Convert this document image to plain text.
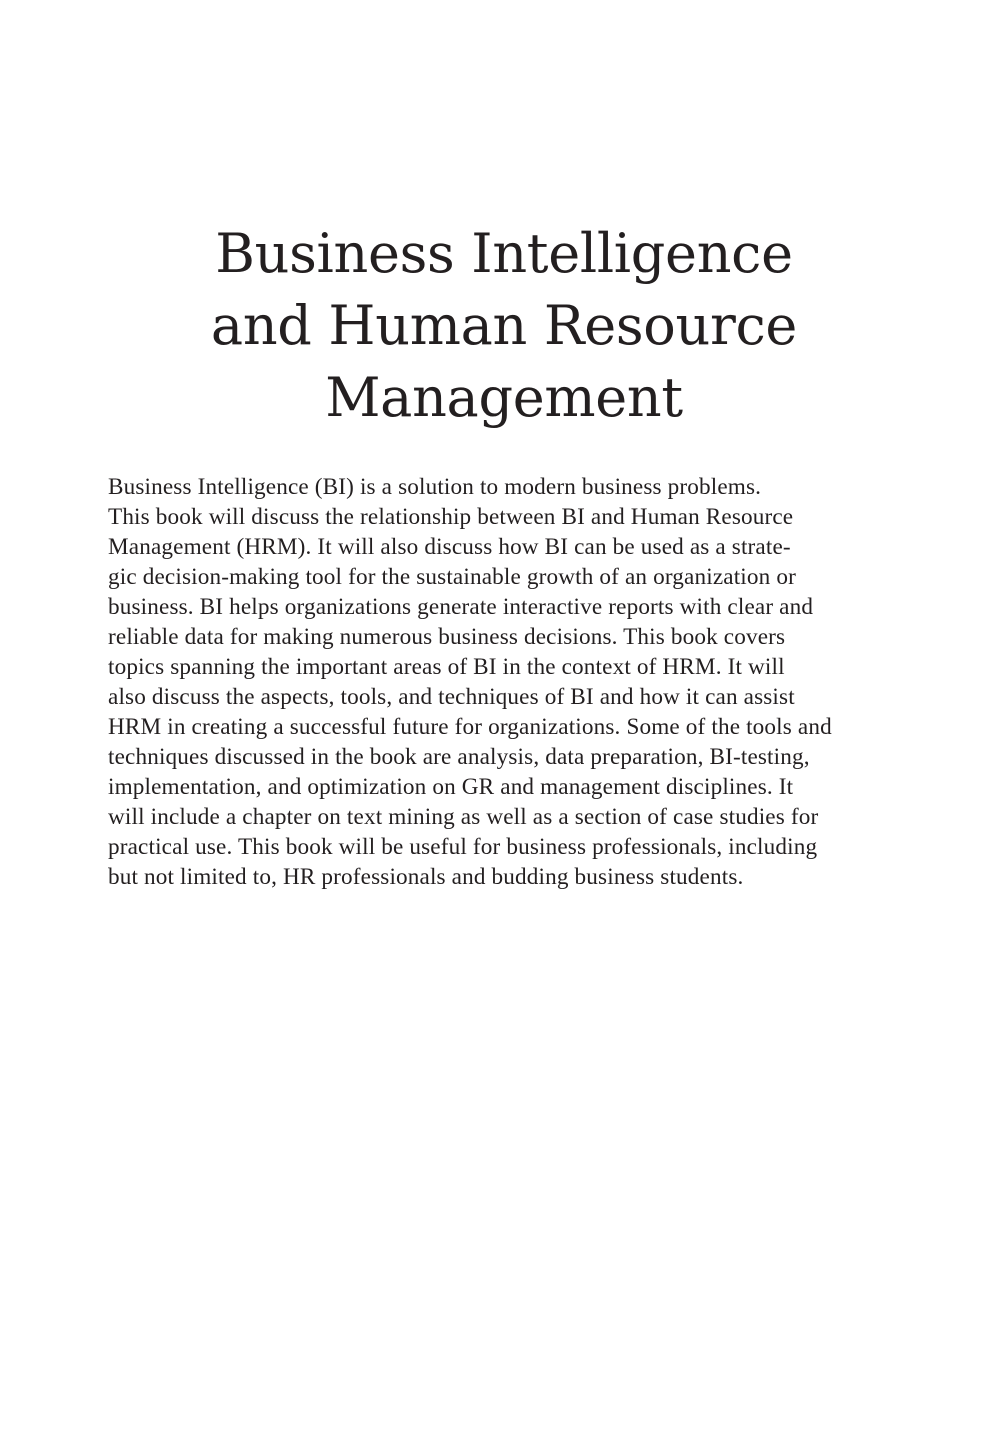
Business Intelligence
and Human Resource
Management

Business Intelligence (BI) is a solution to modern business problems.
This book will discuss the relationship between BI and Human Resource
Management (HRM). It will also discuss how BI can be used as a strate-
gic decision-making tool for the sustainable growth of an organization or
business. BI helps organizations generate interactive reports with clear and
reliable data for making numerous business decisions. This book covers
topics spanning the important areas of BI in the context of HRM. It will
also discuss the aspects, tools, and techniques of BI and how it can assist
HRM in creating a successful future for organizations. Some of the tools and
techniques discussed in the book are analysis, data preparation, BI-testing,
implementation, and optimization on GR and management disciplines. It
will include a chapter on text mining as well as a section of case studies for
practical use. This book will be useful for business professionals, including
but not limited to, HR professionals and budding business students.
